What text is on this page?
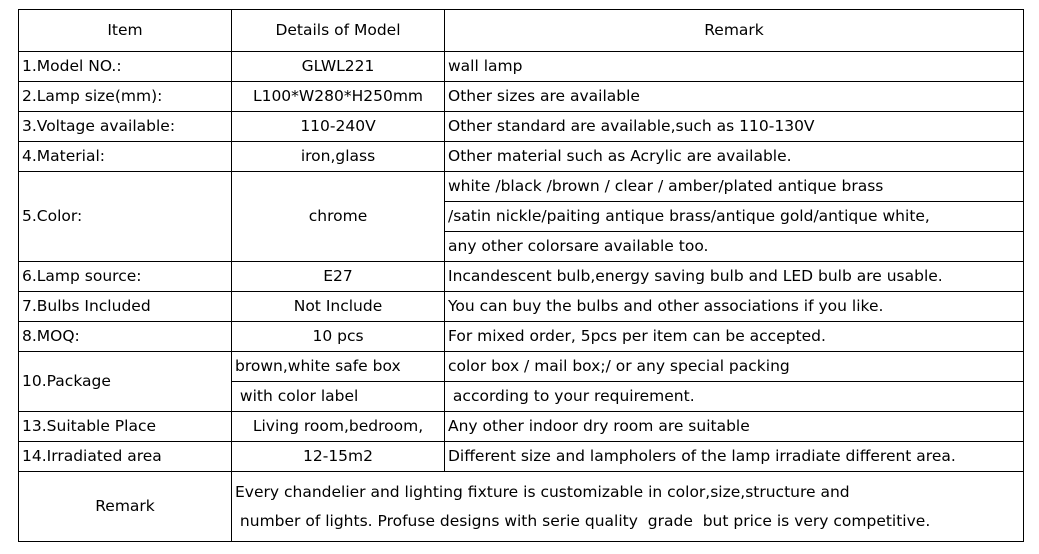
Item	Details of Model	Remark
1.Model NO.:	GLWL221	wall lamp
2.Lamp size(mm):	L100*W280*H250mm	Other sizes are available
3.Voltage available:	110-240V	Other standard are available,such as 110-130V
4.Material:	iron,glass	Other material such as Acrylic are available.
5.Color:	chrome	white /black /brown / clear / amber/plated antique brass
		/satin nickle/paiting antique brass/antique gold/antique white,
		any other colorsare available too.
6.Lamp source:	E27	Incandescent bulb,energy saving bulb and LED bulb are usable.
7.Bulbs Included	Not Include	You can buy the bulbs and other associations if you like.
8.MOQ:	10 pcs	For mixed order, 5pcs per item can be accepted.
10.Package	brown,white safe box	color box / mail box;/ or any special packing
	with color label	according to your requirement.
13.Suitable Place	Living room,bedroom,	Any other indoor dry room are suitable
14.Irradiated area	12-15m2	Different size and lampholers of the lamp irradiate different area.
Remark	Every chandelier and lighting fixture is customizable in color,size,structure and
number of lights. Profuse designs with serie quality  grade  but price is very competitive.	
